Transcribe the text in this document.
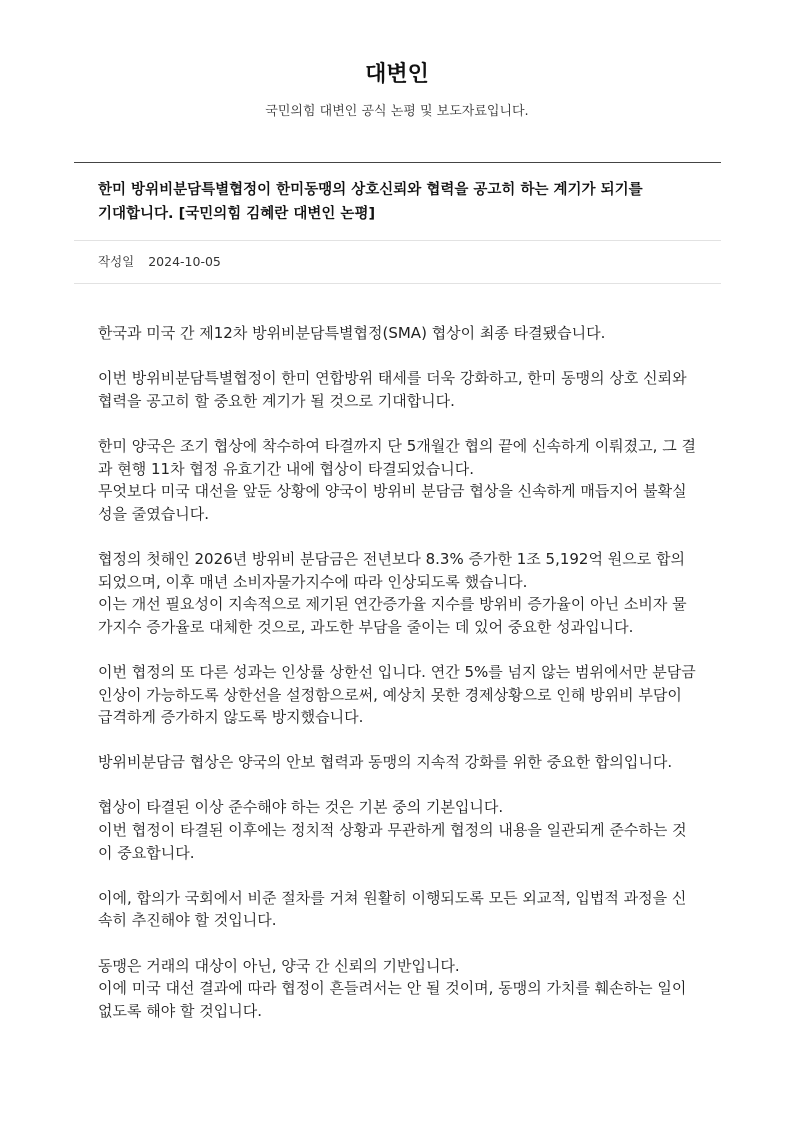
대변인
국민의힘 대변인 공식 논평 및 보도자료입니다.
한미 방위비분담특별협정이 한미동맹의 상호신뢰와 협력을 공고히 하는 계기가 되기를 기대합니다. [국민의힘 김혜란 대변인 논평]
작성일 2024-10-05

한국과 미국 간 제12차 방위비분담특별협정(SMA) 협상이 최종 타결됐습니다.

이번 방위비분담특별협정이 한미 연합방위 태세를 더욱 강화하고, 한미 동맹의 상호 신뢰와 협력을 공고히 할 중요한 계기가 될 것으로 기대합니다.

한미 양국은 조기 협상에 착수하여 타결까지 단 5개월간 협의 끝에 신속하게 이뤄졌고, 그 결과 현행 11차 협정 유효기간 내에 협상이 타결되었습니다.
무엇보다 미국 대선을 앞둔 상황에 양국이 방위비 분담금 협상을 신속하게 매듭지어 불확실성을 줄였습니다.

협정의 첫해인 2026년 방위비 분담금은 전년보다 8.3% 증가한 1조 5,192억 원으로 합의되었으며, 이후 매년 소비자물가지수에 따라 인상되도록 했습니다.
이는 개선 필요성이 지속적으로 제기된 연간증가율 지수를 방위비 증가율이 아닌 소비자 물가지수 증가율로 대체한 것으로, 과도한 부담을 줄이는 데 있어 중요한 성과입니다.

이번 협정의 또 다른 성과는 인상률 상한선 입니다. 연간 5%를 넘지 않는 범위에서만 분담금 인상이 가능하도록 상한선을 설정함으로써, 예상치 못한 경제상황으로 인해 방위비 부담이 급격하게 증가하지 않도록 방지했습니다.

방위비분담금 협상은 양국의 안보 협력과 동맹의 지속적 강화를 위한 중요한 합의입니다.

협상이 타결된 이상 준수해야 하는 것은 기본 중의 기본입니다.
이번 협정이 타결된 이후에는 정치적 상황과 무관하게 협정의 내용을 일관되게 준수하는 것이 중요합니다.

이에, 합의가 국회에서 비준 절차를 거쳐 원활히 이행되도록 모든 외교적, 입법적 과정을 신속히 추진해야 할 것입니다.

동맹은 거래의 대상이 아닌, 양국 간 신뢰의 기반입니다.
이에 미국 대선 결과에 따라 협정이 흔들려서는 안 될 것이며, 동맹의 가치를 훼손하는 일이 없도록 해야 할 것입니다.
